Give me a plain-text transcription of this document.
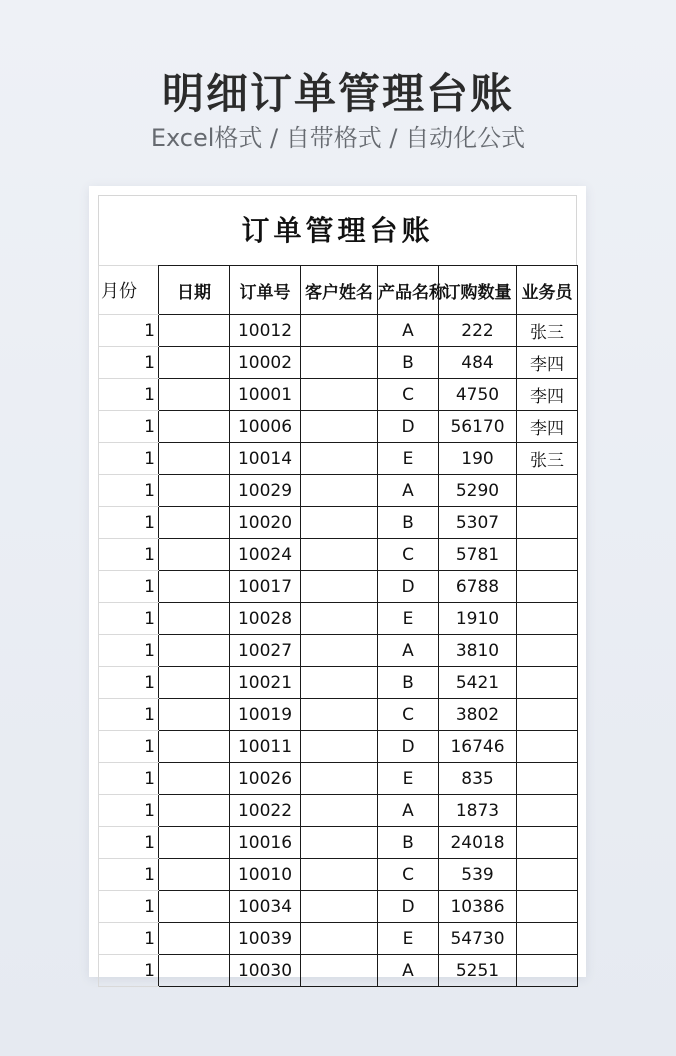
明细订单管理台账
Excel格式 / 自带格式 / 自动化公式
订单管理台账
月份	日期	订单号	客户姓名	产品名称	订购数量	业务员
1		10012		A	222	张三
1		10002		B	484	李四
1		10001		C	4750	李四
1		10006		D	56170	李四
1		10014		E	190	张三
1		10029		A	5290	
1		10020		B	5307	
1		10024		C	5781	
1		10017		D	6788	
1		10028		E	1910	
1		10027		A	3810	
1		10021		B	5421	
1		10019		C	3802	
1		10011		D	16746	
1		10026		E	835	
1		10022		A	1873	
1		10016		B	24018	
1		10010		C	539	
1		10034		D	10386	
1		10039		E	54730	
1		10030		A	5251	
